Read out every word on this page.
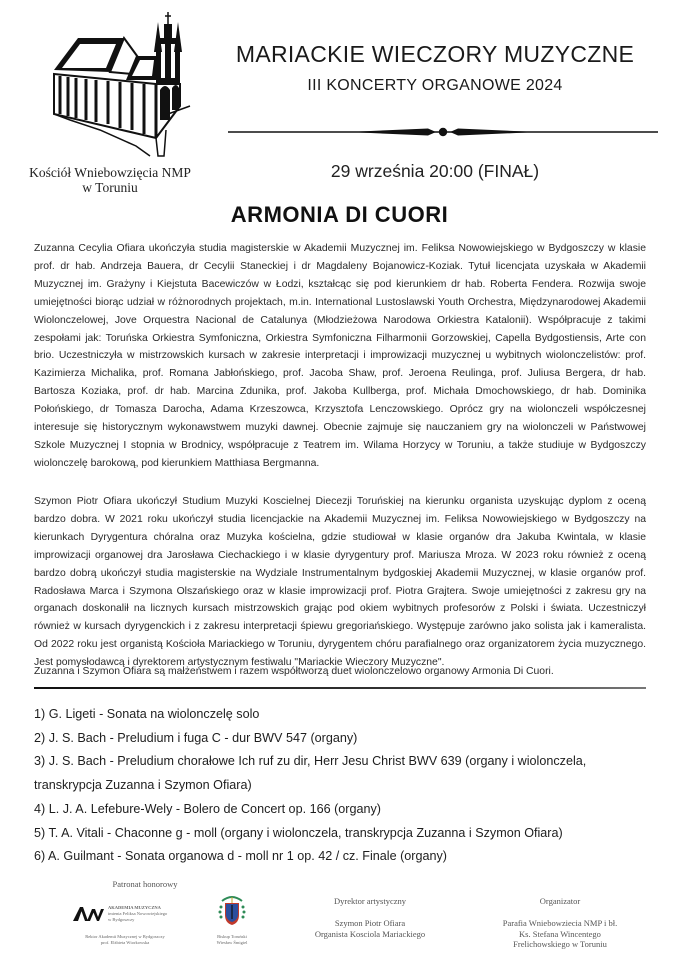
Kościół Wniebowzięcia NMP
w Toruniu
MARIACKIE WIECZORY MUZYCZNE
III KONCERTY ORGANOWE 2024
29 września 20:00 (FINAŁ)
ARMONIA DI CUORI

Zuzanna Cecylia Ofiara ukończyła studia magisterskie w Akademii Muzycznej im. Feliksa Nowowiejskiego w Bydgoszczy w klasie prof. dr hab. Andrzeja Bauera, dr Cecylii Staneckiej i dr Magdaleny Bojanowicz-Koziak. Tytuł licencjata uzyskała w Akademii Muzycznej im. Grażyny i Kiejstuta Bacewiczów w Łodzi, kształcąc się pod kierunkiem dr hab. Roberta Fendera. Rozwija swoje umiejętności biorąc udział w różnorodnych projektach, m.in. International Lustoslawski Youth Orchestra, Międzynarodowej Akademii Wiolonczelowej, Jove Orquestra Nacional de Catalunya (Młodzieżowa Narodowa Orkiestra Katalonii). Współpracuje z takimi zespołami jak: Toruńska Orkiestra Symfoniczna, Orkiestra Symfoniczna Filharmonii Gorzowskiej, Capella Bydgostiensis, Arte con brio. Uczestniczyła w mistrzowskich kursach w zakresie interpretacji i improwizacji muzycznej u wybitnych wiolonczelistów: prof. Kazimierza Michalika, prof. Romana Jabłońskiego, prof. Jacoba Shaw, prof. Jeroena Reulinga, prof. Juliusa Bergera, dr hab. Bartosza Koziaka, prof. dr hab. Marcina Zdunika, prof. Jakoba Kullberga, prof. Michała Dmochowskiego, dr hab. Dominika Połońskiego, dr Tomasza Darocha, Adama Krzeszowca, Krzysztofa Lenczowskiego. Oprócz gry na wiolonczeli współczesnej interesuje się historycznym wykonawstwem muzyki dawnej. Obecnie zajmuje się nauczaniem gry na wiolonczeli w Państwowej Szkole Muzycznej I stopnia w Brodnicy, współpracuje z Teatrem im. Wilama Horzycy w Toruniu, a także studiuje w Bydgoszczy wiolonczelę barokową, pod kierunkiem Matthiasa Bergmanna.

Szymon Piotr Ofiara ukończył Studium Muzyki Koscielnej Diecezji Toruńskiej na kierunku organista uzyskując dyplom z oceną bardzo dobra. W 2021 roku ukończył studia licencjackie na Akademii Muzycznej im. Feliksa Nowowiejskiego w Bydgoszczy na kierunkach Dyrygentura chóralna oraz Muzyka kościelna, gdzie studiował w klasie organów dra Jakuba Kwintala, w klasie improwizacji organowej dra Jarosława Ciechackiego i w klasie dyrygentury prof. Mariusza Mroza. W 2023 roku również z oceną bardzo dobrą ukończył studia magisterskie na Wydziale Instrumentalnym bydgoskiej Akademii Muzycznej, w klasie organów prof. Radosława Marca i Szymona Olszańskiego oraz w klasie improwizacji prof. Piotra Grajtera. Swoje umiejętności z zakresu gry na organach doskonalił na licznych kursach mistrzowskich grając pod okiem wybitnych profesorów z Polski i świata. Uczestniczył również w kursach dyrygenckich i z zakresu interpretacji śpiewu gregoriańskiego. Występuje zarówno jako solista jak i kameralista. Od 2022 roku jest organistą Kościoła Mariackiego w Toruniu, dyrygentem chóru parafialnego oraz organizatorem życia muzycznego. Jest pomysłodawcą i dyrektorem artystycznym festiwalu "Mariackie Wieczory Muzyczne".

Zuzanna i Szymon Ofiara są małżeństwem i razem współtworzą duet wiolonczelowo organowy Armonia Di Cuori.
1) G. Ligeti - Sonata na wiolonczelę solo
2) J. S. Bach - Preludium i fuga C - dur BWV 547 (organy)
3) J. S. Bach - Preludium chorałowe Ich ruf zu dir, Herr Jesu Christ BWV 639 (organy i wiolonczela,
transkrypcja Zuzanna i Szymon Ofiara)
4) L. J. A. Lefebure-Wely - Bolero de Concert op. 166 (organy)
5) T. A. Vitali - Chaconne g - moll (organy i wiolonczela, transkrypcja Zuzanna i Szymon Ofiara)
6) A. Guilmant - Sonata organowa d - moll nr 1 op. 42 / cz. Finale (organy)
Patronat honorowy
AKADEMIA MUZYCZNA
imienia Feliksa Nowowiejskiego
w Bydgoszczy
Rektor Akademii Muzycznej w Bydgoszczy
prof. Elżbieta Wtorkowska
Biskup Toruński
Wiesław Śmigiel
Dyrektor artystyczny
Szymon Piotr Ofiara
Organista Kosciola Mariackiego
Organizator
Parafia Wniebowziecia NMP i bł.
Ks. Stefana Wincentego
Frelichowskiego w Toruniu
